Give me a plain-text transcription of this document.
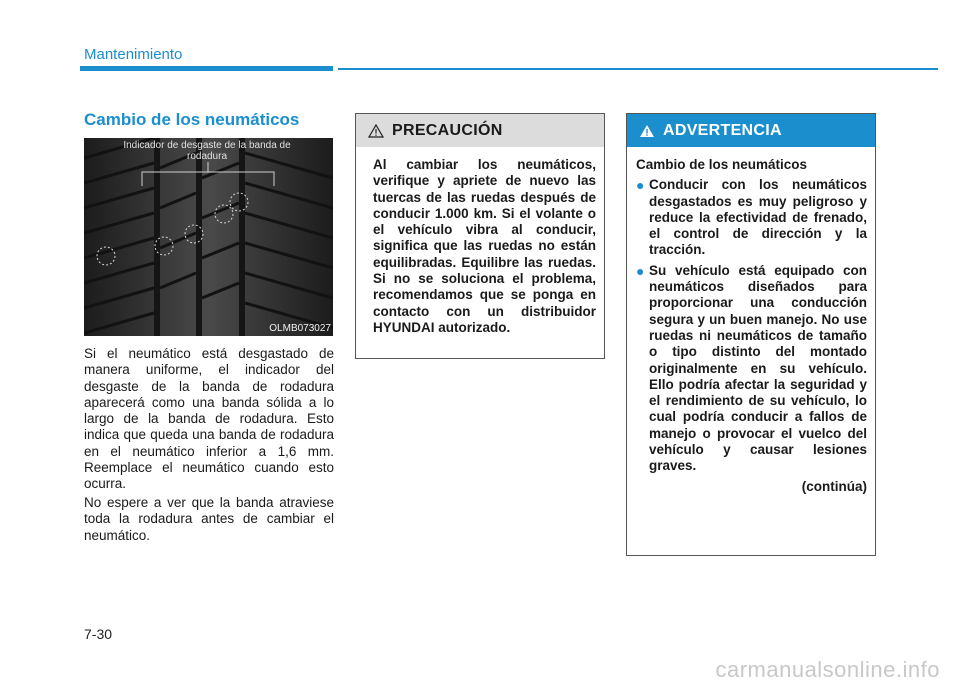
Mantenimiento
Cambio de los neumáticos
Indicador de desgaste de la banda de rodadura
OLMB073027

Si el neumático está desgastado de manera uniforme, el indicador del desgaste de la banda de rodadura aparecerá como una banda sólida a lo largo de la banda de rodadura. Esto indica que queda una banda de rodadura en el neumático inferior a 1,6 mm. Reemplace el neumático cuando esto ocurra.

No espere a ver que la banda atraviese toda la rodadura antes de cambiar el neumático.

PRECAUCIÓN

Al cambiar los neumáticos, verifique y apriete de nuevo las tuercas de las ruedas después de conducir 1.000 km. Si el volante o el vehículo vibra al conducir, significa que las ruedas no están equilibradas. Equilibre las ruedas. Si no se soluciona el problema, recomendamos que se ponga en contacto con un distribuidor HYUNDAI autorizado.

ADVERTENCIA

Cambio de los neumáticos

● Conducir con los neumáticos desgastados es muy peligroso y reduce la efectividad de frenado, el control de dirección y la tracción.
● Su vehículo está equipado con neumáticos diseñados para proporcionar una conducción segura y un buen manejo. No use ruedas ni neumáticos de tamaño o tipo distinto del montado originalmente en su vehículo. Ello podría afectar la seguridad y el rendimiento de su vehículo, lo cual podría conducir a fallos de manejo o provocar el vuelco del vehículo y causar lesiones graves.

(continúa)

7-30
carmanualsonline.info
